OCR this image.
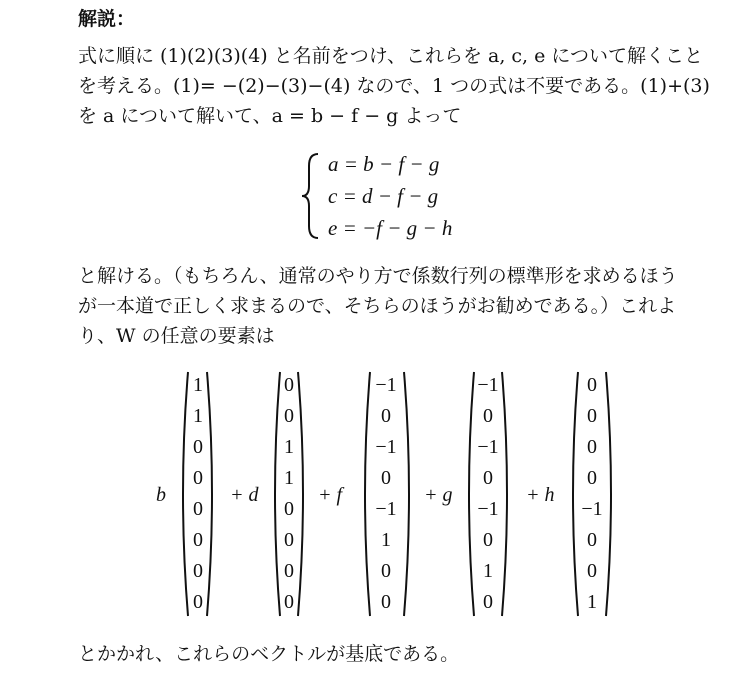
解説：
式に順に (1)(2)(3)(4) と名前をつけ、これらを a, c, e について解くこと
を考える。(1)= −(2)−(3)−(4) なので、1 つの式は不要である。(1)+(3)
を a について解いて、a = b − f − g よって
a = b − f − g
c = d − f − g
e = −f − g − h
と解ける。（もちろん、通常のやり方で係数行列の標準形を求めるほう
が一本道で正しく求まるので、そちらのほうがお勧めである。）これよ
り、W の任意の要素は
b
1
1
0
0
0
0
0
0
+ d
0
0
1
1
0
0
0
0
+ f
−1
0
−1
0
−1
1
0
0
+ g
−1
0
−1
0
−1
0
1
0
+ h
0
0
0
0
−1
0
0
1
とかかれ、これらのベクトルが基底である。
